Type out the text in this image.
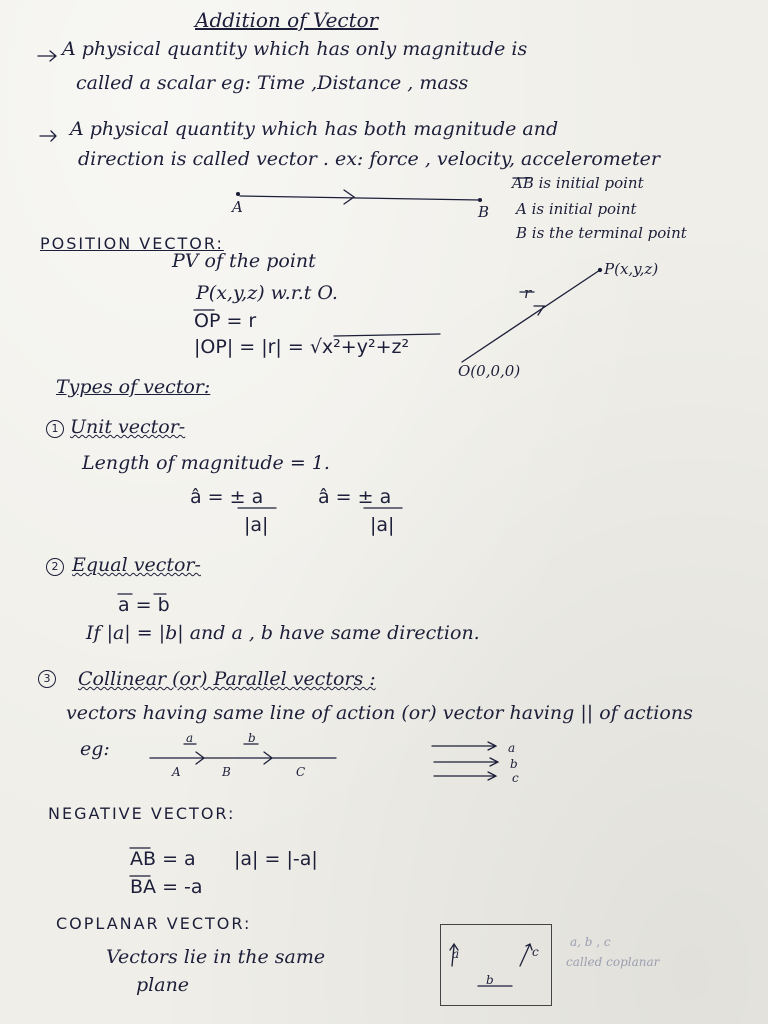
Addition of Vector
A physical quantity which has only magnitude is
called a scalar eg: Time ,Distance , mass
A physical quantity which has both magnitude and
direction is called vector . ex: force , velocity, accelerometer
A	B
AB is initial point
A is initial point
B is the terminal point
POSITION VECTOR:
PV of the point
P(x,y,z) w.r.t O.
OP = r
|OP| = |r| = √x²+y²+z²
P(x,y,z)
r
O(0,0,0)
Types of vector:
1 Unit vector-
Length of magnitude = 1.
â = ± a
|a|
â = ± a
|a|
2 Equal vector-
a = b
If |a| = |b| and a , b have same direction.
3 Collinear (or) Parallel vectors :
vectors having same line of action (or) vector having || of actions
eg:	a	b
A	B	C
a
b
c
NEGATIVE VECTOR:
AB = a |a| = |-a|
BA = -a
COPLANAR VECTOR:
Vectors lie in the same
plane
a
b
c
a, b , c
called coplanar
